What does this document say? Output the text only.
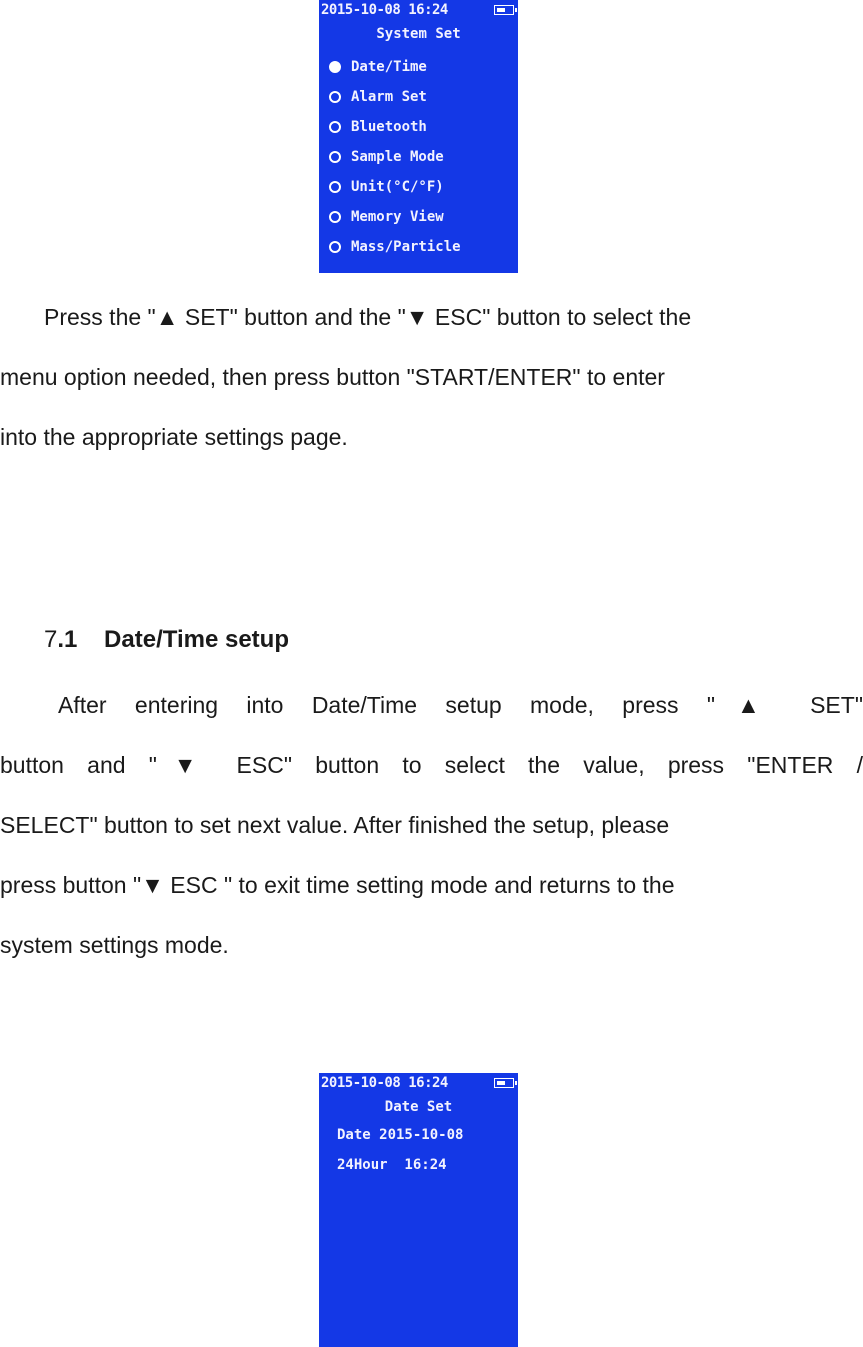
2015-10-08 16:24
System Set
Date/Time
Alarm Set
Bluetooth
Sample Mode
Unit(°C/°F)
Memory View
Mass/Particle
Press the "▲ SET" button and the "▼ ESC" button to select the
menu option needed, then press button "START/ENTER" to enter
into the appropriate settings page.
7.1    Date/Time setup
After entering into Date/Time setup mode, press "▲ SET"
button and "▼ ESC" button to select the value, press "ENTER /
SELECT" button to set next value. After finished the setup, please
press button "▼ ESC " to exit time setting mode and returns to the
system settings mode.
2015-10-08 16:24
Date Set
Date 2015-10-08
24Hour  16:24
